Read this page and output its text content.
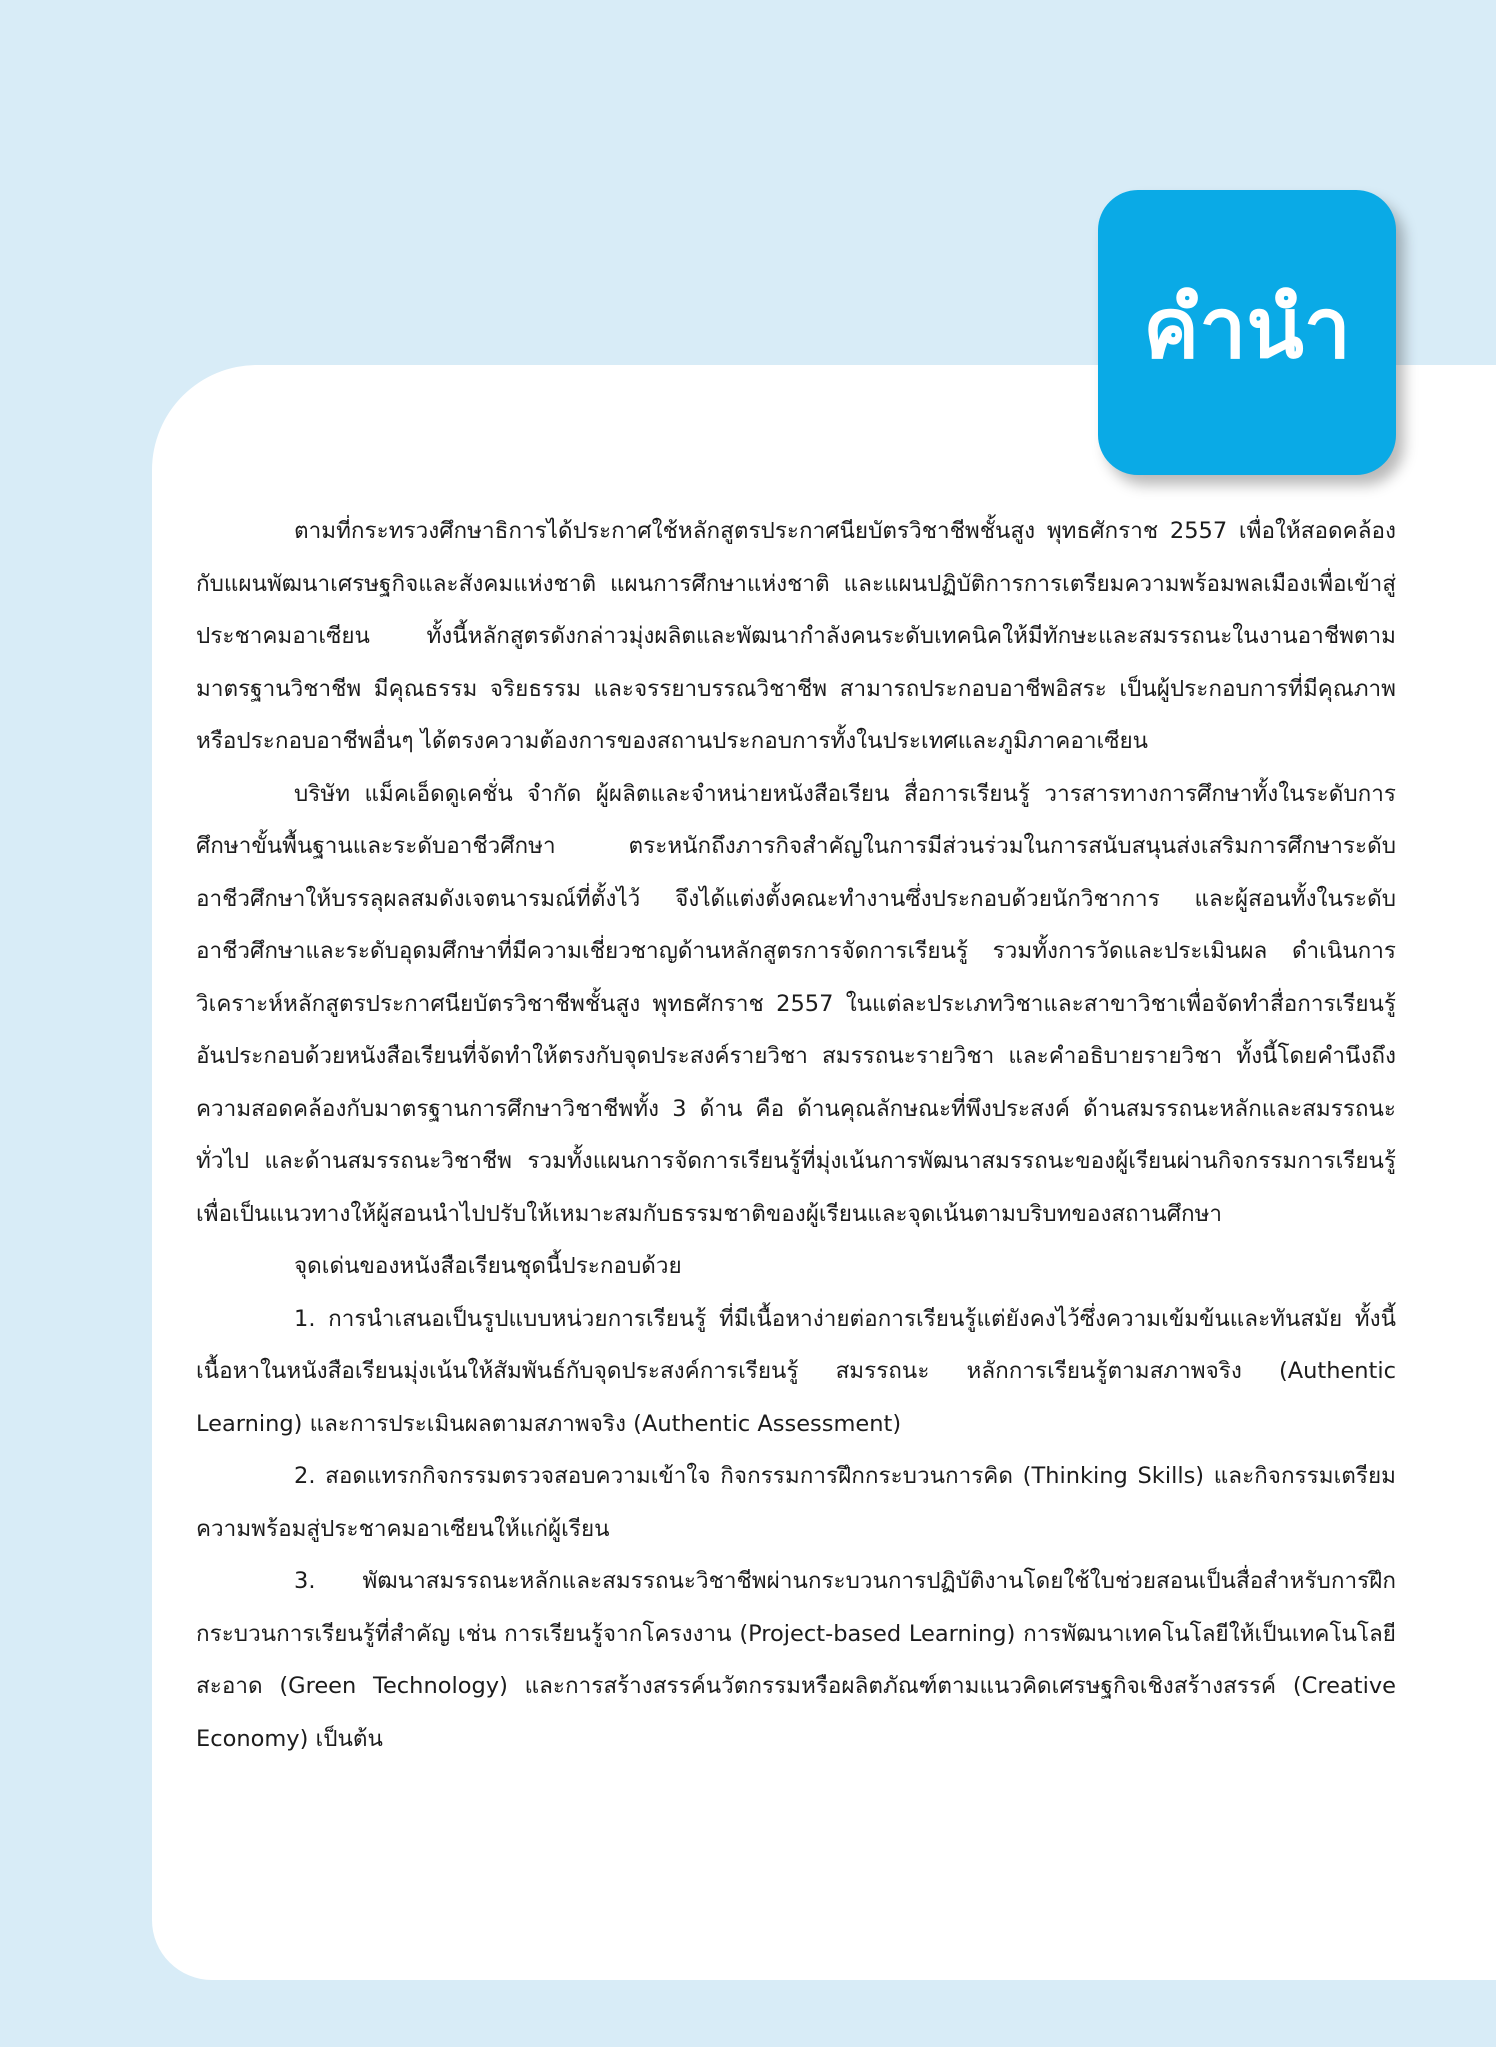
คำนำ

ตามที่กระทรวงศึกษาธิการได้ประกาศใช้หลักสูตรประกาศนียบัตรวิชาชีพชั้นสูง พุทธศักราช 2557 เพื่อให้สอดคล้องกับแผนพัฒนาเศรษฐกิจและสังคมแห่งชาติ แผนการศึกษาแห่งชาติ และแผนปฏิบัติการการเตรียมความพร้อมพลเมืองเพื่อเข้าสู่ประชาคมอาเซียน ทั้งนี้หลักสูตรดังกล่าวมุ่งผลิตและพัฒนากำลังคนระดับเทคนิคให้มีทักษะและสมรรถนะในงานอาชีพตามมาตรฐานวิชาชีพ มีคุณธรรม จริยธรรม และจรรยาบรรณวิชาชีพ สามารถประกอบอาชีพอิสระ เป็นผู้ประกอบการที่มีคุณภาพ หรือประกอบอาชีพอื่นๆ ได้ตรงความต้องการของสถานประกอบการทั้งในประเทศและภูมิภาคอาเซียน

บริษัท แม็คเอ็ดดูเคชั่น จำกัด ผู้ผลิตและจำหน่ายหนังสือเรียน สื่อการเรียนรู้ วารสารทางการศึกษาทั้งในระดับการศึกษาขั้นพื้นฐานและระดับอาชีวศึกษา ตระหนักถึงภารกิจสำคัญในการมีส่วนร่วมในการสนับสนุนส่งเสริมการศึกษาระดับอาชีวศึกษาให้บรรลุผลสมดังเจตนารมณ์ที่ตั้งไว้ จึงได้แต่งตั้งคณะทำงานซึ่งประกอบด้วยนักวิชาการ และผู้สอนทั้งในระดับอาชีวศึกษาและระดับอุดมศึกษาที่มีความเชี่ยวชาญด้านหลักสูตรการจัดการเรียนรู้ รวมทั้งการวัดและประเมินผล ดำเนินการวิเคราะห์หลักสูตรประกาศนียบัตรวิชาชีพชั้นสูง พุทธศักราช 2557 ในแต่ละประเภทวิชาและสาขาวิชาเพื่อจัดทำสื่อการเรียนรู้ อันประกอบด้วยหนังสือเรียนที่จัดทำให้ตรงกับจุดประสงค์รายวิชา สมรรถนะรายวิชา และคำอธิบายรายวิชา ทั้งนี้โดยคำนึงถึงความสอดคล้องกับมาตรฐานการศึกษาวิชาชีพทั้ง 3 ด้าน คือ ด้านคุณลักษณะที่พึงประสงค์ ด้านสมรรถนะหลักและสมรรถนะทั่วไป และด้านสมรรถนะวิชาชีพ รวมทั้งแผนการจัดการเรียนรู้ที่มุ่งเน้นการพัฒนาสมรรถนะของผู้เรียนผ่านกิจกรรมการเรียนรู้เพื่อเป็นแนวทางให้ผู้สอนนำไปปรับให้เหมาะสมกับธรรมชาติของผู้เรียนและจุดเน้นตามบริบทของสถานศึกษา

จุดเด่นของหนังสือเรียนชุดนี้ประกอบด้วย

1. การนำเสนอเป็นรูปแบบหน่วยการเรียนรู้ ที่มีเนื้อหาง่ายต่อการเรียนรู้แต่ยังคงไว้ซึ่งความเข้มข้นและทันสมัย ทั้งนี้เนื้อหาในหนังสือเรียนมุ่งเน้นให้สัมพันธ์กับจุดประสงค์การเรียนรู้ สมรรถนะ หลักการเรียนรู้ตามสภาพจริง (Authentic Learning) และการประเมินผลตามสภาพจริง (Authentic Assessment)

2. สอดแทรกกิจกรรมตรวจสอบความเข้าใจ กิจกรรมการฝึกกระบวนการคิด (Thinking Skills) และกิจกรรมเตรียมความพร้อมสู่ประชาคมอาเซียนให้แก่ผู้เรียน

3. พัฒนาสมรรถนะหลักและสมรรถนะวิชาชีพผ่านกระบวนการปฏิบัติงานโดยใช้ใบช่วยสอนเป็นสื่อสำหรับการฝึกกระบวนการเรียนรู้ที่สำคัญ เช่น การเรียนรู้จากโครงงาน (Project-based Learning) การพัฒนาเทคโนโลยีให้เป็นเทคโนโลยีสะอาด (Green Technology) และการสร้างสรรค์นวัตกรรมหรือผลิตภัณฑ์ตามแนวคิดเศรษฐกิจเชิงสร้างสรรค์ (Creative Economy) เป็นต้น
